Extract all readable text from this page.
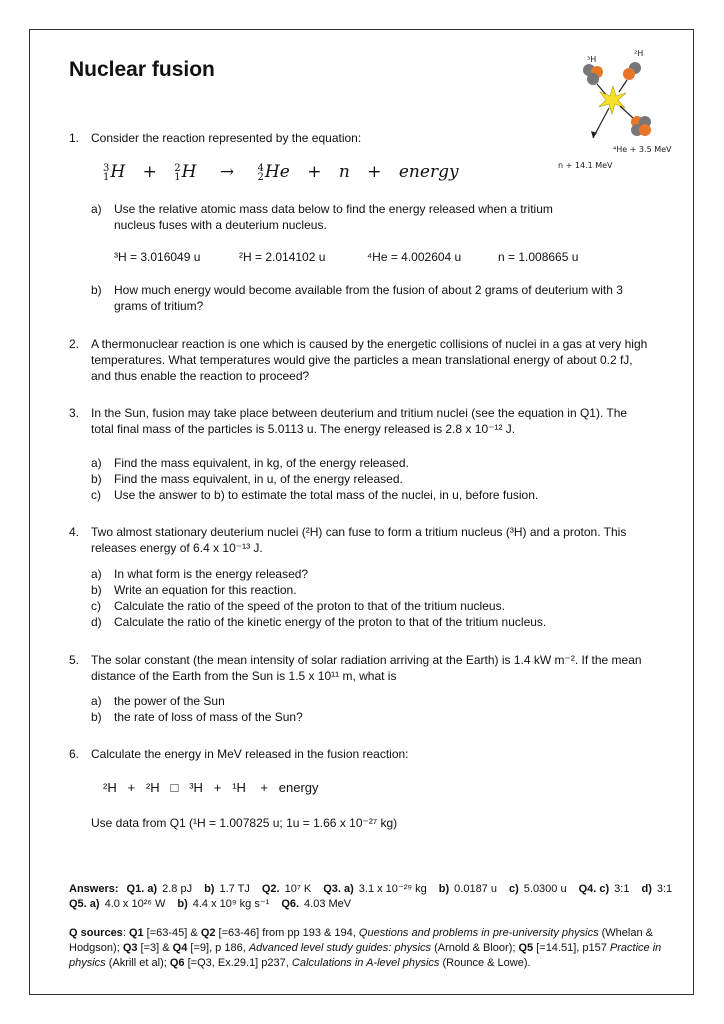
Nuclear fusion	³H
²H
⁴He + 3.5 MeV
n + 14.1 MeV
1. Consider the reaction represented by the equation:
3
1H + 2
1H → 4
2He + n + energy
a) Use the relative atomic mass data below to find the energy released when a tritium
nucleus fuses with a deuterium nucleus.
³H = 3.016049 u	²H = 2.014102 u	⁴He = 4.002604 u	n = 1.008665 u
b) How much energy would become available from the fusion of about 2 grams of deuterium with 3
grams of tritium?
2. A thermonuclear reaction is one which is caused by the energetic collisions of nuclei in a gas at very high
temperatures. What temperatures would give the particles a mean translational energy of about 0.2 fJ,
and thus enable the reaction to proceed?
3. In the Sun, fusion may take place between deuterium and tritium nuclei (see the equation in Q1). The
total final mass of the particles is 5.0113 u. The energy released is 2.8 x 10⁻¹² J.
a) Find the mass equivalent, in kg, of the energy released.
b) Find the mass equivalent, in u, of the energy released.
c) Use the answer to b) to estimate the total mass of the nuclei, in u, before fusion.
4. Two almost stationary deuterium nuclei (²H) can fuse to form a tritium nucleus (³H) and a proton. This
releases energy of 6.4 x 10⁻¹³ J.
a) In what form is the energy released?
b) Write an equation for this reaction.
c) Calculate the ratio of the speed of the proton to that of the tritium nucleus.
d) Calculate the ratio of the kinetic energy of the proton to that of the tritium nucleus.
5. The solar constant (the mean intensity of solar radiation arriving at the Earth) is 1.4 kW m⁻². If the mean
distance of the Earth from the Sun is 1.5 x 10¹¹ m, what is
a) the power of the Sun
b) the rate of loss of mass of the Sun?
6. Calculate the energy in MeV released in the fusion reaction:
²H   +   ²H   □   ³H   +   ¹H    +   energy
Use data from Q1 (¹H = 1.007825 u; 1u = 1.66 x 10⁻²⁷ kg)
Answers: Q1. a) 2.8 pJ b) 1.7 TJ Q2. 10⁷ K Q3. a) 3.1 x 10⁻²⁹ kg b) 0.0187 u c) 5.0300 u Q4. c) 3:1 d) 3:1
Q5. a) 4.0 x 10²⁶ W b) 4.4 x 10⁹ kg s⁻¹ Q6. 4.03 MeV
Q sources: Q1 [=63-45] & Q2 [=63-46] from pp 193 & 194, Questions and problems in pre-university physics (Whelan &
Hodgson); Q3 [=3] & Q4 [=9], p 186, Advanced level study guides: physics (Arnold & Bloor); Q5 [=14.51], p157 Practice in
physics (Akrill et al); Q6 [=Q3, Ex.29.1] p237, Calculations in A-level physics (Rounce & Lowe).
